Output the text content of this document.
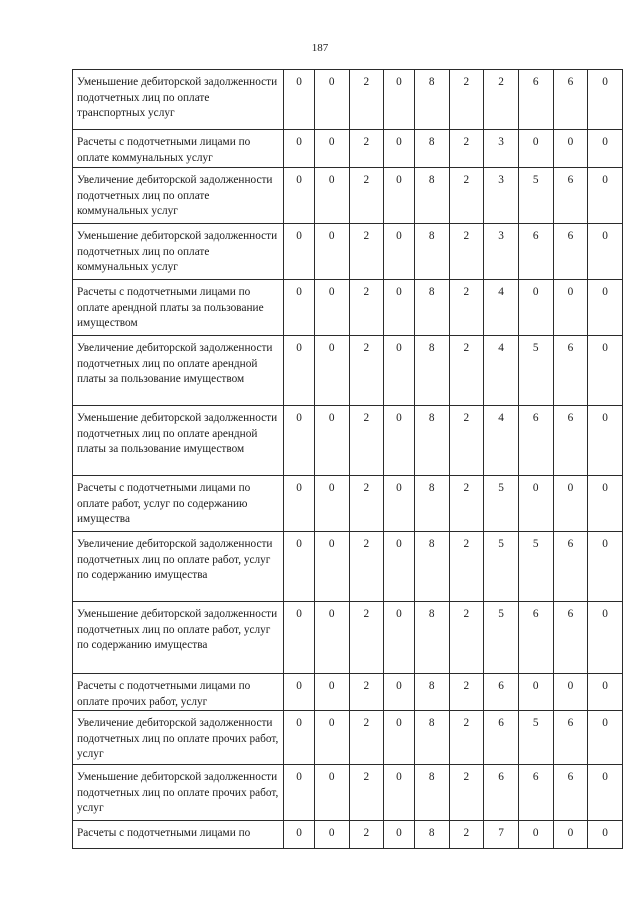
187
Уменьшение дебиторской задолженности подотчетных лиц по оплате транспортных услуг	0	0	2	0	8	2	2	6	6	0
Расчеты с подотчетными лицами по оплате коммунальных услуг	0	0	2	0	8	2	3	0	0	0
Увеличение дебиторской задолженности подотчетных лиц по оплате коммунальных услуг	0	0	2	0	8	2	3	5	6	0
Уменьшение дебиторской задолженности подотчетных лиц по оплате коммунальных услуг	0	0	2	0	8	2	3	6	6	0
Расчеты с подотчетными лицами по оплате арендной платы за пользование имуществом	0	0	2	0	8	2	4	0	0	0
Увеличение дебиторской задолженности подотчетных лиц по оплате арендной платы за пользование имуществом	0	0	2	0	8	2	4	5	6	0
Уменьшение дебиторской задолженности подотчетных лиц по оплате арендной платы за пользование имуществом	0	0	2	0	8	2	4	6	6	0
Расчеты с подотчетными лицами по оплате работ, услуг по содержанию имущества	0	0	2	0	8	2	5	0	0	0
Увеличение дебиторской задолженности подотчетных лиц по оплате работ, услуг по содержанию имущества	0	0	2	0	8	2	5	5	6	0
Уменьшение дебиторской задолженности подотчетных лиц по оплате работ, услуг по содержанию имущества	0	0	2	0	8	2	5	6	6	0
Расчеты с подотчетными лицами по оплате прочих работ, услуг	0	0	2	0	8	2	6	0	0	0
Увеличение дебиторской задолженности подотчетных лиц по оплате прочих работ, услуг	0	0	2	0	8	2	6	5	6	0
Уменьшение дебиторской задолженности подотчетных лиц по оплате прочих работ, услуг	0	0	2	0	8	2	6	6	6	0
Расчеты с подотчетными лицами по	0	0	2	0	8	2	7	0	0	0
